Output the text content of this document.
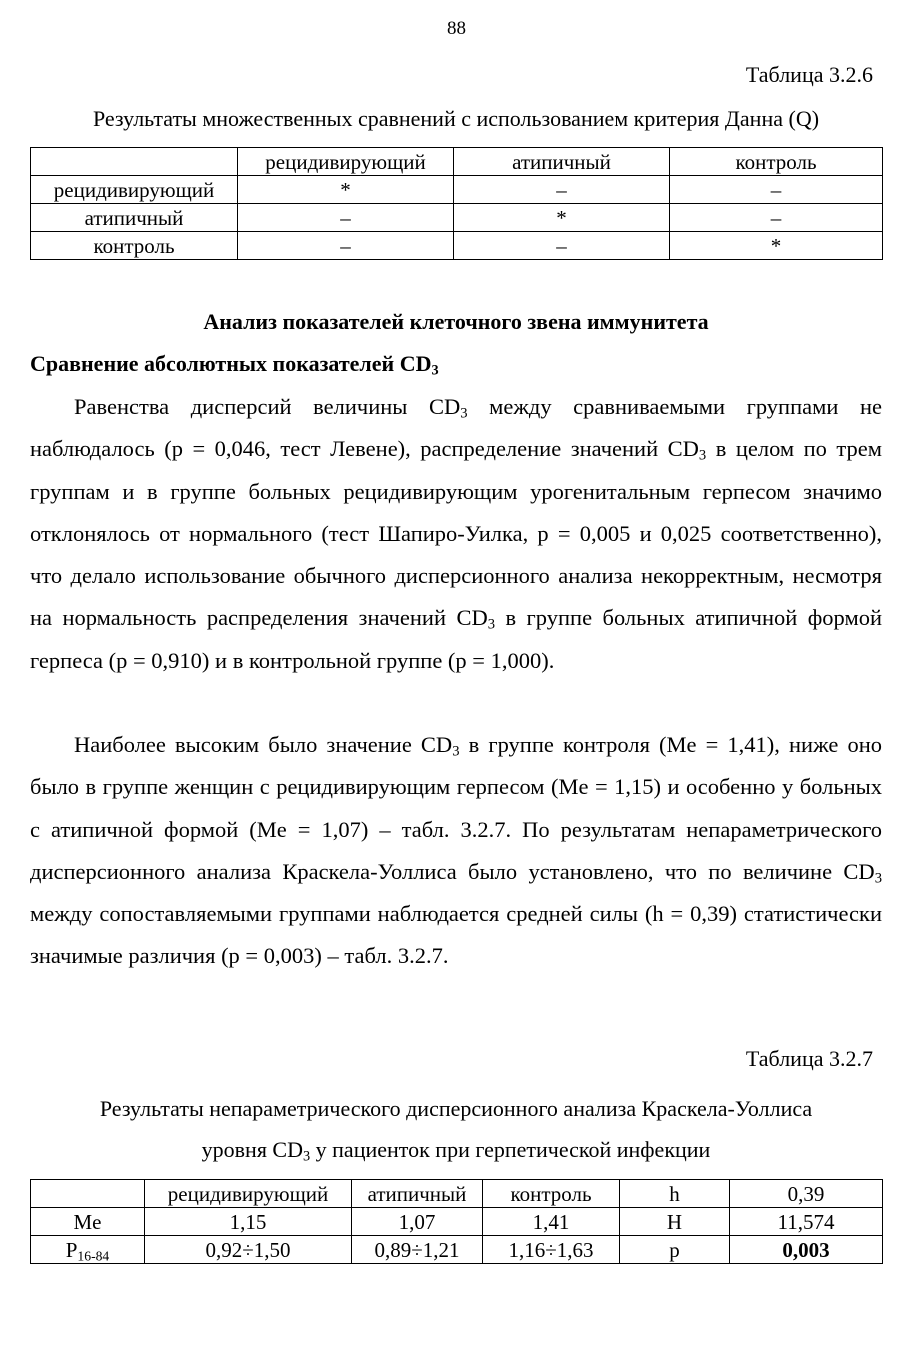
88
Таблица 3.2.6
Результаты множественных сравнений с использованием критерия Данна (Q)
	рецидивирующий	атипичный	контроль
рецидивирующий	*	–	–
атипичный	–	*	–
контроль	–	–	*
Анализ показателей клеточного звена иммунитета
Сравнение абсолютных показателей $CD_3$
Равенства дисперсий величины $CD_3$ между сравниваемыми группами не наблюдалось (р = 0,046, тест Левене), распределение значений $CD_3$ в целом по трем группам и в группе больных рецидивирующим урогенитальным герпесом значимо отклонялось от нормального (тест Шапиро-Уилка, р = 0,005 и 0,025 соответственно), что делало использование обычного дисперсионного анализа некорректным, несмотря на нормальность распределения значений $CD_3$ в группе больных атипичной формой герпеса (р = 0,910) и в контрольной группе (р = 1,000).
Наиболее высоким было значение $CD_3$ в группе контроля (Me = 1,41), ниже оно было в группе женщин с рецидивирующим герпесом (Me = 1,15) и особенно у больных с атипичной формой (Me = 1,07) – табл. 3.2.7. По результатам непараметрического дисперсионного анализа Краскела-Уоллиса было установлено, что по величине $CD_3$ между сопоставляемыми группами наблюдается средней силы (h = 0,39) статистически значимые различия (р = 0,003) – табл. 3.2.7.
Таблица 3.2.7
Результаты непараметрического дисперсионного анализа Краскела-Уоллиса
уровня $CD_3$ у пациенток при герпетической инфекции
	рецидивирующий	атипичный	контроль	h	0,39
Me	1,15	1,07	1,41	H	11,574
$P_{16-84}$	0,92÷1,50	0,89÷1,21	1,16÷1,63	p	0,003
